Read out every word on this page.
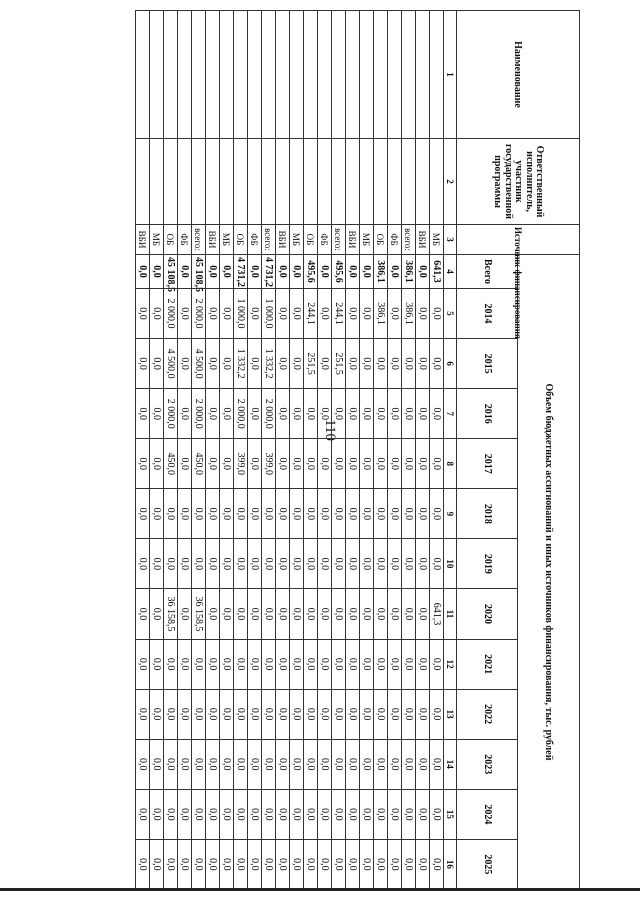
110
Наименование	Ответственный исполнитель, участник государственной программы	Источник финансирования	Объем бюджетных ассигнований и иных источников финансирования, тыс. рублей												
			Всего	2014	2015	2016	2017	2018	2019	2020	2021	2022	2023	2024	2025
1	2	3	4	5	6	7	8	9	10	11	12	13	14	15	16
		МБ	641,3	0,0	0,0	0,0	0,0	0,0	0,0	641,3	0,0	0,0	0,0	0,0	0,0
		ВБИ	0,0	0,0	0,0	0,0	0,0	0,0	0,0	0,0	0,0	0,0	0,0	0,0	0,0
		всего:	386,1	386,1	0,0	0,0	0,0	0,0	0,0	0,0	0,0	0,0	0,0	0,0	0,0
		ФБ	0,0	0,0	0,0	0,0	0,0	0,0	0,0	0,0	0,0	0,0	0,0	0,0	0,0
		ОБ	386,1	386,1	0,0	0,0	0,0	0,0	0,0	0,0	0,0	0,0	0,0	0,0	0,0
		МБ	0,0	0,0	0,0	0,0	0,0	0,0	0,0	0,0	0,0	0,0	0,0	0,0	0,0
		ВБИ	0,0	0,0	0,0	0,0	0,0	0,0	0,0	0,0	0,0	0,0	0,0	0,0	0,0
		всего:	495,6	244,1	251,5	0,0	0,0	0,0	0,0	0,0	0,0	0,0	0,0	0,0	0,0
		ФБ	0,0	0,0	0,0	0,0	0,0	0,0	0,0	0,0	0,0	0,0	0,0	0,0	0,0
		ОБ	495,6	244,1	251,5	0,0	0,0	0,0	0,0	0,0	0,0	0,0	0,0	0,0	0,0
		МБ	0,0	0,0	0,0	0,0	0,0	0,0	0,0	0,0	0,0	0,0	0,0	0,0	0,0
		ВБИ	0,0	0,0	0,0	0,0	0,0	0,0	0,0	0,0	0,0	0,0	0,0	0,0	0,0
		всего:	4 731,2	1 000,0	1 332,2	2 000,0	399,0	0,0	0,0	0,0	0,0	0,0	0,0	0,0	0,0
		ФБ	0,0	0,0	0,0	0,0	0,0	0,0	0,0	0,0	0,0	0,0	0,0	0,0	0,0
		ОБ	4 731,2	1 000,0	1 332,2	2 000,0	399,0	0,0	0,0	0,0	0,0	0,0	0,0	0,0	0,0
		МБ	0,0	0,0	0,0	0,0	0,0	0,0	0,0	0,0	0,0	0,0	0,0	0,0	0,0
		ВБИ	0,0	0,0	0,0	0,0	0,0	0,0	0,0	0,0	0,0	0,0	0,0	0,0	0,0
		всего:	45 108,5	2 000,0	4 500,0	2 000,0	450,0	0,0	0,0	36 158,5	0,0	0,0	0,0	0,0	0,0
		ФБ	0,0	0,0	0,0	0,0	0,0	0,0	0,0	0,0	0,0	0,0	0,0	0,0	0,0
		ОБ	45 108,5	2 000,0	4 500,0	2 000,0	450,0	0,0	0,0	36 158,5	0,0	0,0	0,0	0,0	0,0
		МБ	0,0	0,0	0,0	0,0	0,0	0,0	0,0	0,0	0,0	0,0	0,0	0,0	0,0
		ВБИ	0,0	0,0	0,0	0,0	0,0	0,0	0,0	0,0	0,0	0,0	0,0	0,0	0,0
